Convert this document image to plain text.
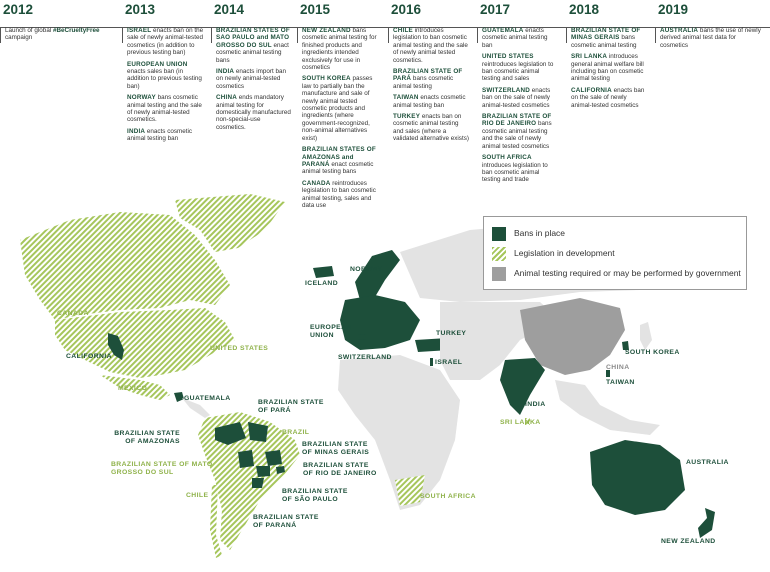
2012
Launch of global #BeCrueltyFree campaign
2013
ISRAEL enacts ban on the sale of newly animal-tested cosmetics (in addition to previous testing ban)
EUROPEAN UNION enacts sales ban (in addition to previous testing ban)
NORWAY bans cosmetic animal testing and the sale of newly animal-tested cosmetics.
INDIA enacts cosmetic animal testing ban
2014
BRAZILIAN STATES OF SAO PAULO and MATO GROSSO DO SUL enact cosmetic animal testing bans
INDIA enacts import ban on newly animal-tested cosmetics
CHINA ends mandatory animal testing for domestically manufactured non-special-use cosmetics.
2015
NEW ZEALAND bans cosmetic animal testing for finished products and ingredients intended exclusively for use in cosmetics
SOUTH KOREA passes law to partially ban the manufacture and sale of newly animal tested cosmetic products and ingredients (where government-recognized, non-animal alternatives exist)
BRAZILIAN STATES OF AMAZONAS and PARANÁ enact cosmetic animal testing bans
CANADA reintroduces legislation to ban cosmetic animal testing, sales and data use
2016
CHILE introduces legislation to ban cosmetic animal testing and the sale of newly animal tested cosmetics.
BRAZILIAN STATE OF PARÁ bans cosmetic animal testing
TAIWAN enacts cosmetic animal testing ban
TURKEY enacts ban on cosmetic animal testing and sales (where a validated alternative exists)
2017
GUATEMALA enacts cosmetic animal testing ban
UNITED STATES reintroduces legislation to ban cosmetic animal testing and sales
SWITZERLAND enacts ban on the sale of newly animal-tested cosmetics
BRAZILIAN STATE OF RIO DE JANEIRO bans cosmetic animal testing and the sale of newly animal tested cosmetics
SOUTH AFRICA introduces legislation to ban cosmetic animal testing and trade
2018
BRAZILIAN STATE OF MINAS GERAIS bans cosmetic animal testing
SRI LANKA introduces general animal welfare bill including ban on cosmetic animal testing
CALIFORNIA enacts ban on the sale of newly animal-tested cosmetics
2019
AUSTRALIA bans the use of newly derived animal test data for cosmetics
CANADA
CALIFORNIA
UNITED STATES
MEXICO
GUATEMALA
BRAZILIAN STATE OF PARÁ
BRAZILIAN STATE OF AMAZONAS
BRAZIL
BRAZILIAN STATE OF MINAS GERAIS
BRAZILIAN STATE OF MATO GROSSO DO SUL
BRAZILIAN STATE OF RIO DE JANEIRO
BRAZILIAN STATE OF SÃO PAULO
BRAZILIAN STATE OF PARANÁ
CHILE
ICELAND
NORWAY
EUROPEAN UNION
SWITZERLAND
TURKEY
ISRAEL
SOUTH AFRICA
INDIA
SRI LANKA
CHINA
SOUTH KOREA
TAIWAN
AUSTRALIA
NEW ZEALAND
Bans in place
Legislation in development
Animal testing required or may be performed by government
